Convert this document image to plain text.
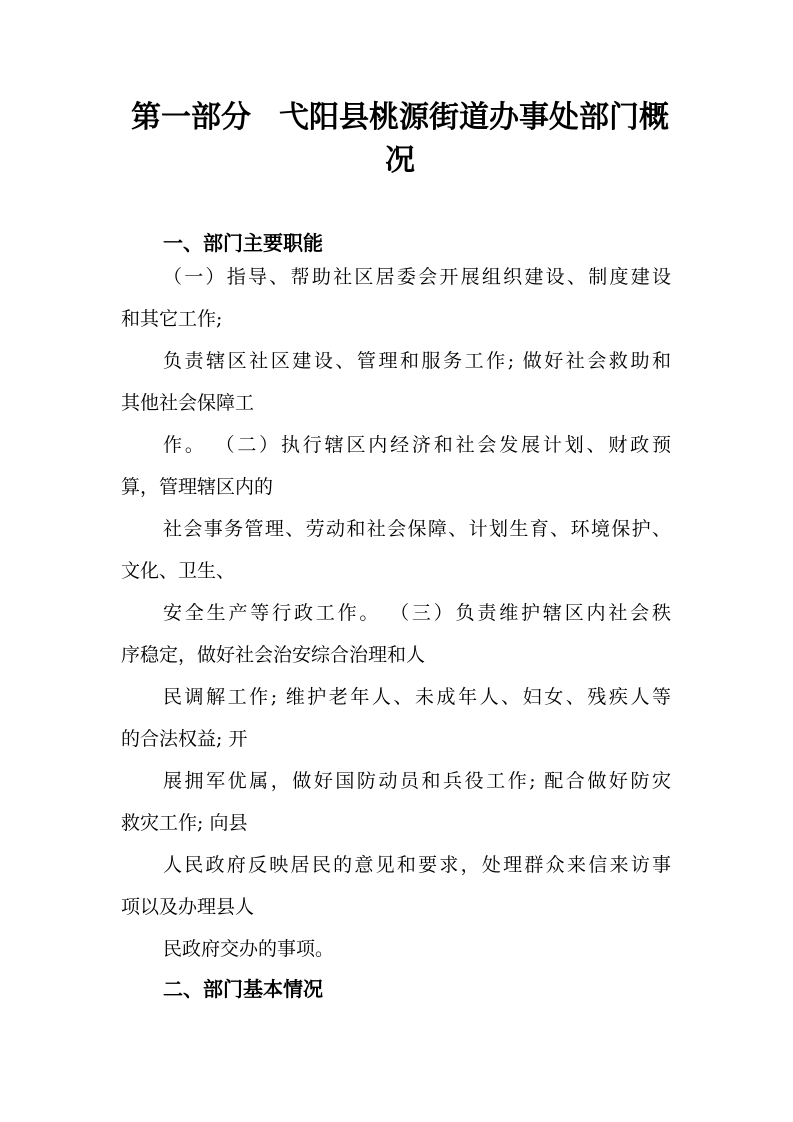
第一部分 弋阳县桃源街道办事处部门概
况
一、部门主要职能
（一）指导、帮助社区居委会开展组织建设、制度建设
和其它工作;
负责辖区社区建设、管理和服务工作; 做好社会救助和
其他社会保障工
作。 （二）执行辖区内经济和社会发展计划、财政预
算，管理辖区内的
社会事务管理、劳动和社会保障、计划生育、环境保护、
文化、卫生、
安全生产等行政工作。 （三）负责维护辖区内社会秩
序稳定，做好社会治安综合治理和人
民调解工作; 维护老年人、未成年人、妇女、残疾人等
的合法权益; 开
展拥军优属，做好国防动员和兵役工作; 配合做好防灾
救灾工作; 向县
人民政府反映居民的意见和要求，处理群众来信来访事
项以及办理县人
民政府交办的事项。
二、部门基本情况
